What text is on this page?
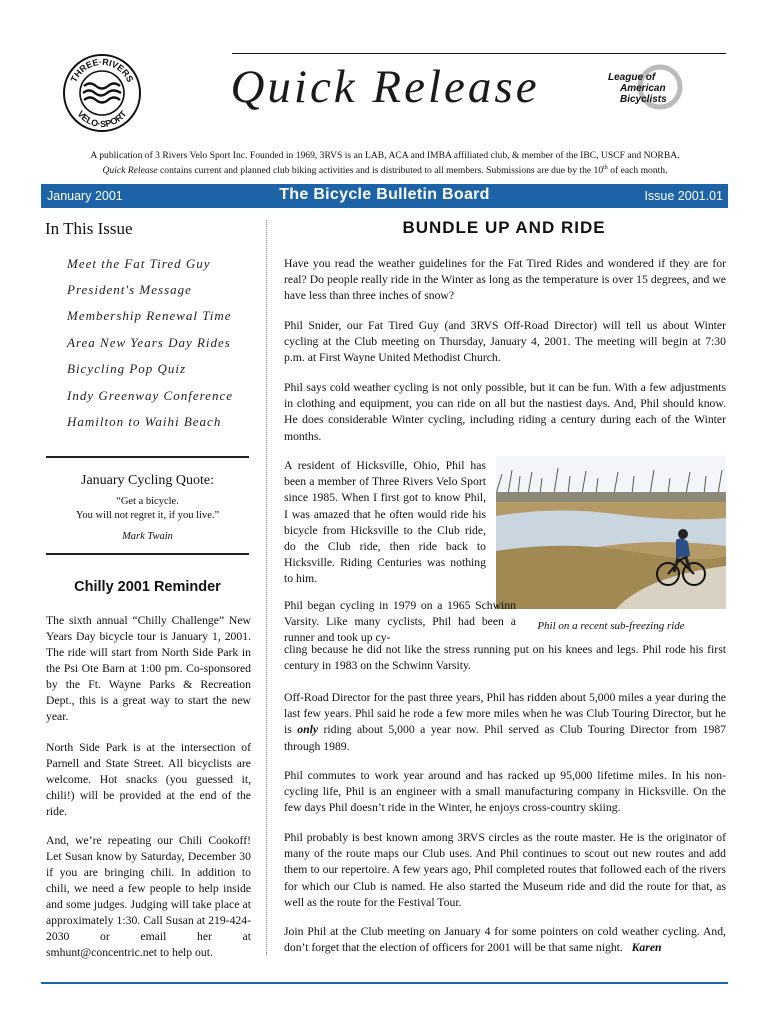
THREE·RIVERS
VELO·SPORT
Quick Release	League of
American
Bicyclists
A publication of 3 Rivers Velo Sport Inc. Founded in 1969, 3RVS is an LAB, ACA and IMBA affiliated club, & member of the IBC, USCF and NORBA.
Quick Release contains current and planned club biking activities and is distributed to all members. Submissions are due by the 10th of each month.
The Bicycle Bulletin Board
January 2001	Issue 2001.01
In This Issue
Meet the Fat Tired Guy
President's Message
Membership Renewal Time
Area New Years Day Rides
Bicycling Pop Quiz
Indy Greenway Conference
Hamilton to Waihi Beach
January Cycling Quote:
“Get a bicycle.
You will not regret it, if you live.”
Mark Twain
Chilly 2001 Reminder
The sixth annual “Chilly Challenge” New Years Day bicycle tour is January 1, 2001. The ride will start from North Side Park in the Psi Ote Barn at 1:00 pm. Co-sponsored by the Ft. Wayne Parks & Recreation Dept., this is a great way to start the new year.
North Side Park is at the intersection of Parnell and State Street. All bicyclists are welcome. Hot snacks (you guessed it, chili!) will be provided at the end of the ride.
And, we’re repeating our Chili Cookoff! Let Susan know by Saturday, December 30 if you are bringing chili. In addition to chili, we need a few people to help inside and some judges. Judging will take place at approximately 1:30. Call Susan at 219-424-2030 or email her at smhunt@concentric.net to help out.
BUNDLE UP AND RIDE
Have you read the weather guidelines for the Fat Tired Rides and wondered if they are for real? Do people really ride in the Winter as long as the temperature is over 15 degrees, and we have less than three inches of snow?
Phil Snider, our Fat Tired Guy (and 3RVS Off-Road Director) will tell us about Winter cycling at the Club meeting on Thursday, January 4, 2001. The meeting will begin at 7:30 p.m. at First Wayne United Methodist Church.
Phil says cold weather cycling is not only possible, but it can be fun. With a few adjustments in clothing and equipment, you can ride on all but the nastiest days. And, Phil should know. He does considerable Winter cycling, including riding a century during each of the Winter months.
A resident of Hicksville, Ohio, Phil has been a member of Three Rivers Velo Sport since 1985. When I first got to know Phil, I was amazed that he often would ride his bicycle from Hicksville to the Club ride, do the Club ride, then ride back to Hicksville. Riding Centuries was nothing to him.
Phil on a recent sub-freezing ride
Phil began cycling in 1979 on a 1965 Schwinn Varsity. Like many cyclists, Phil had been a runner and took up cy-
cling because he did not like the stress running put on his knees and legs. Phil rode his first century in 1983 on the Schwinn Varsity.
Off-Road Director for the past three years, Phil has ridden about 5,000 miles a year during the last few years. Phil said he rode a few more miles when he was Club Touring Director, but he is only riding about 5,000 a year now. Phil served as Club Touring Director from 1987 through 1989.
Phil commutes to work year around and has racked up 95,000 lifetime miles. In his non-cycling life, Phil is an engineer with a small manufacturing company in Hicksville. On the few days Phil doesn’t ride in the Winter, he enjoys cross-country skiing.
Phil probably is best known among 3RVS circles as the route master. He is the originator of many of the route maps our Club uses. And Phil continues to scout out new routes and add them to our repertoire. A few years ago, Phil completed routes that followed each of the rivers for which our Club is named. He also started the Museum ride and did the route for that, as well as the route for the Festival Tour.
Join Phil at the Club meeting on January 4 for some pointers on cold weather cycling. And, don’t forget that the election of officers for 2001 will be that same night. Karen
